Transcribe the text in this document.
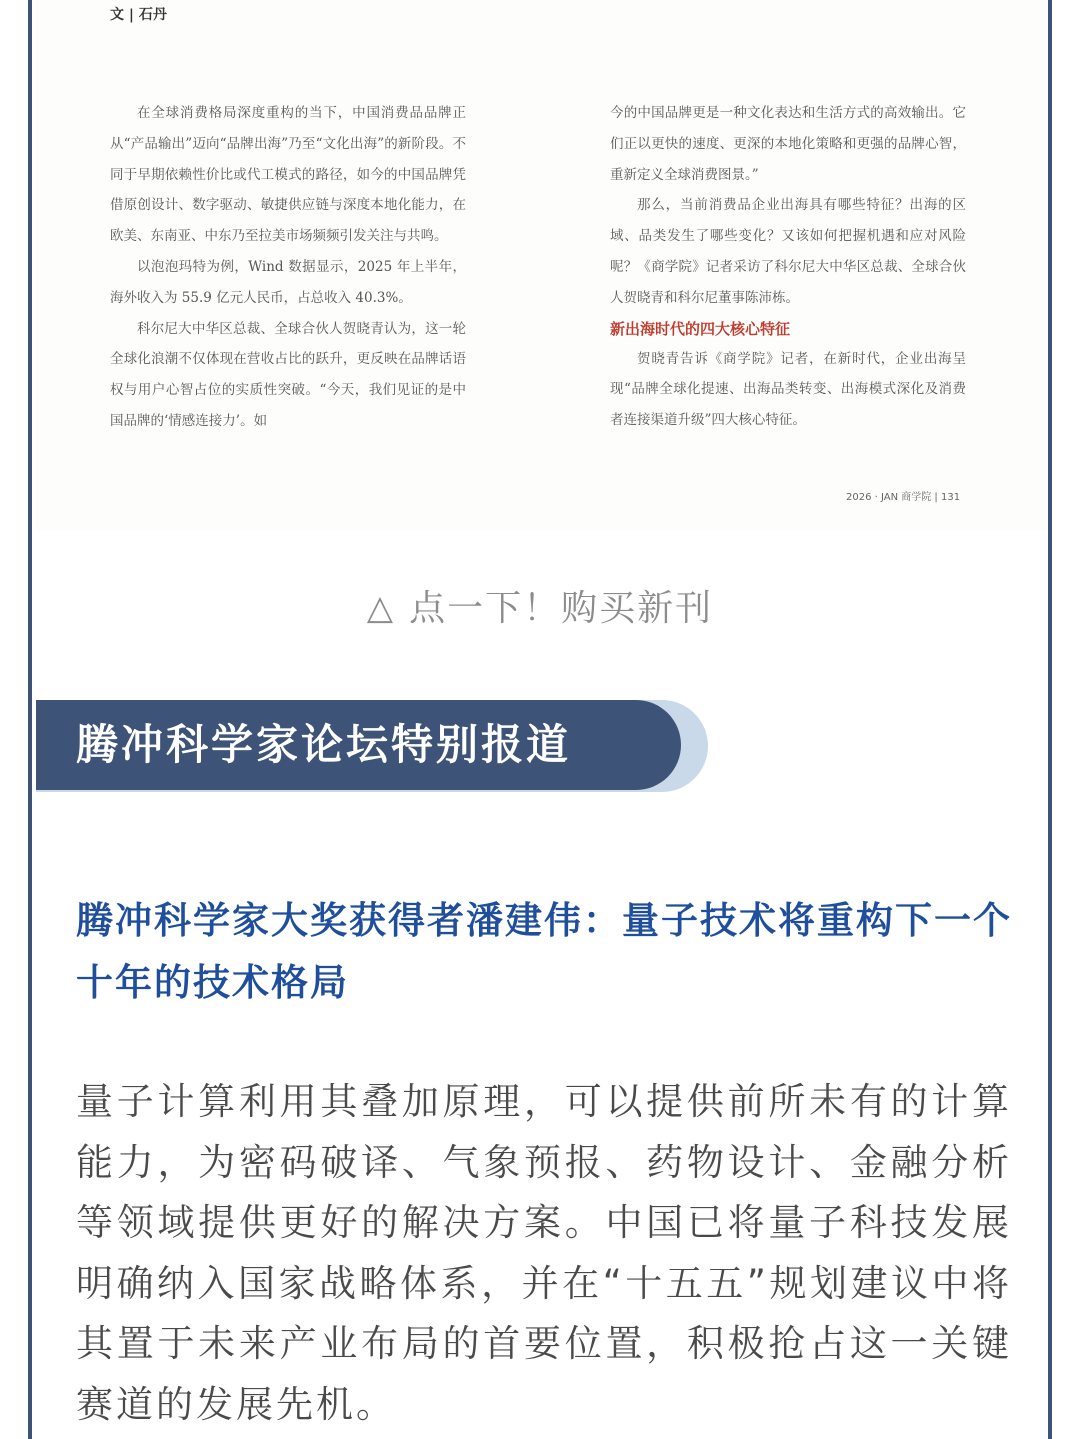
文 | 石丹

在全球消费格局深度重构的当下，中国消费品品牌正从“产品输出”迈向“品牌出海”乃至“文化出海”的新阶段。不同于早期依赖性价比或代工模式的路径，如今的中国品牌凭借原创设计、数字驱动、敏捷供应链与深度本地化能力，在欧美、东南亚、中东乃至拉美市场频频引发关注与共鸣。

以泡泡玛特为例，Wind 数据显示，2025 年上半年，海外收入为 55.9 亿元人民币，占总收入 40.3%。

科尔尼大中华区总裁、全球合伙人贺晓青认为，这一轮全球化浪潮不仅体现在营收占比的跃升，更反映在品牌话语权与用户心智占位的实质性突破。“今天，我们见证的是中国品牌的‘情感连接力’。如

今的中国品牌更是一种文化表达和生活方式的高效输出。它们正以更快的速度、更深的本地化策略和更强的品牌心智，重新定义全球消费图景。”

那么，当前消费品企业出海具有哪些特征？出海的区域、品类发生了哪些变化？又该如何把握机遇和应对风险呢？《商学院》记者采访了科尔尼大中华区总裁、全球合伙人贺晓青和科尔尼董事陈沛栋。

新出海时代的四大核心特征

贺晓青告诉《商学院》记者，在新时代，企业出海呈现“品牌全球化提速、出海品类转变、出海模式深化及消费者连接渠道升级”四大核心特征。

2026 · JAN 商学院 | 131
△ 点一下！购买新刊
腾冲科学家论坛特别报道
腾冲科学家大奖获得者潘建伟：量子技术将重构下一个十年的技术格局

量子计算利用其叠加原理，可以提供前所未有的计算能力，为密码破译、气象预报、药物设计、金融分析等领域提供更好的解决方案。中国已将量子科技发展明确纳入国家战略体系，并在“十五五”规划建议中将其置于未来产业布局的首要位置，积极抢占这一关键赛道的发展先机。
